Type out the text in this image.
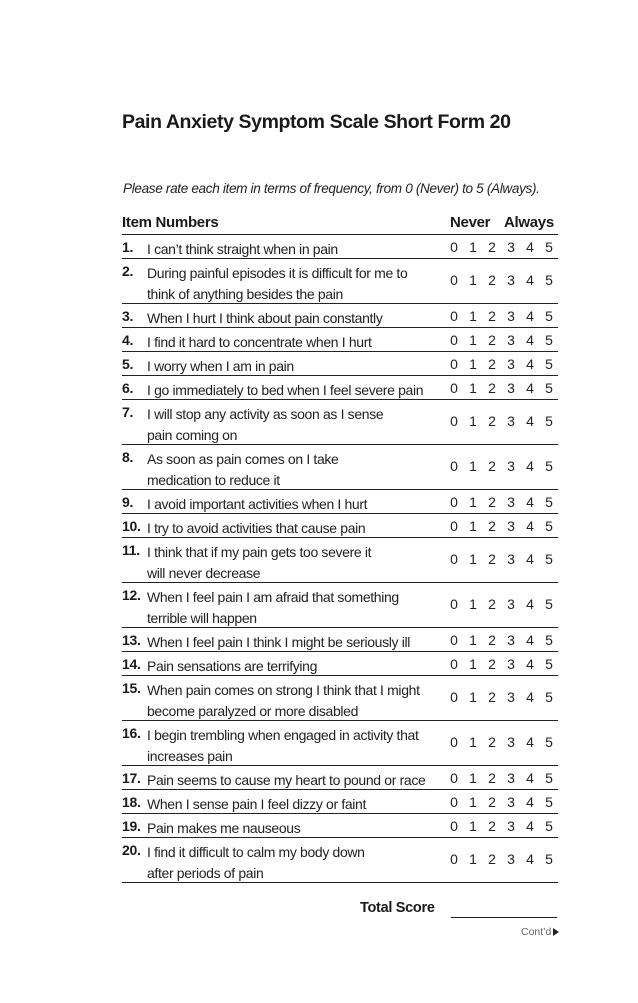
Pain Anxiety Symptom Scale Short Form 20
Please rate each item in terms of frequency, from 0 (Never) to 5 (Always).
Item Numbers	Never Always
1. I can’t think straight when in pain	0 1 2 3 4 5
2. During painful episodes it is difficult for me to
think of anything besides the pain
0 1 2 3 4 5
3. When I hurt I think about pain constantly	0 1 2 3 4 5
4. I find it hard to concentrate when I hurt	0 1 2 3 4 5
5. I worry when I am in pain	0 1 2 3 4 5
6. I go immediately to bed when I feel severe pain	0 1 2 3 4 5
7. I will stop any activity as soon as I sense
pain coming on
0 1 2 3 4 5
8. As soon as pain comes on I take
medication to reduce it
0 1 2 3 4 5
9. I avoid important activities when I hurt	0 1 2 3 4 5
10. I try to avoid activities that cause pain	0 1 2 3 4 5
11. I think that if my pain gets too severe it
will never decrease
0 1 2 3 4 5
12. When I feel pain I am afraid that something
terrible will happen
0 1 2 3 4 5
13. When I feel pain I think I might be seriously ill	0 1 2 3 4 5
14. Pain sensations are terrifying	0 1 2 3 4 5
15. When pain comes on strong I think that I might
become paralyzed or more disabled
0 1 2 3 4 5
16. I begin trembling when engaged in activity that
increases pain
0 1 2 3 4 5
17. Pain seems to cause my heart to pound or race	0 1 2 3 4 5
18. When I sense pain I feel dizzy or faint	0 1 2 3 4 5
19. Pain makes me nauseous	0 1 2 3 4 5
20. I find it difficult to calm my body down
after periods of pain
0 1 2 3 4 5
Total Score
Cont’d
